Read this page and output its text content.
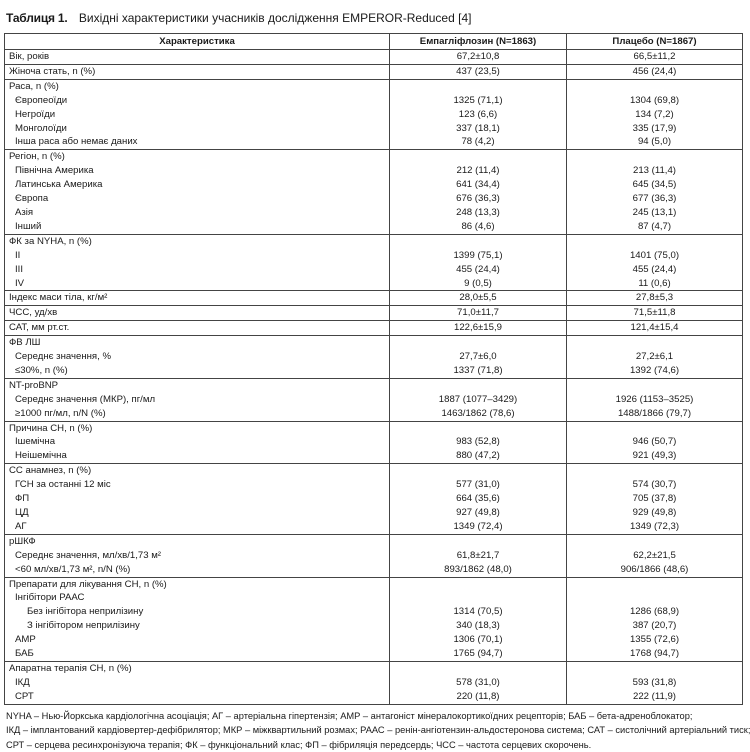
Таблиця 1. Вихідні характеристики учасників дослідження EMPEROR-Reduced [4]
Характеристика	Емпагліфлозин (N=1863)	Плацебо (N=1867)
Вік, років	67,2±10,8	66,5±11,2
Жіноча стать, n (%)	437 (23,5)	456 (24,4)
Раса, n (%)		
Європеоїди	1325 (71,1)	1304 (69,8)
Негроїди	123 (6,6)	134 (7,2)
Монголоїди	337 (18,1)	335 (17,9)
Інша раса або немає даних	78 (4,2)	94 (5,0)
Регіон, n (%)		
Північна Америка	212 (11,4)	213 (11,4)
Латинська Америка	641 (34,4)	645 (34,5)
Європа	676 (36,3)	677 (36,3)
Азія	248 (13,3)	245 (13,1)
Інший	86 (4,6)	87 (4,7)
ФК за NYHA, n (%)		
II	1399 (75,1)	1401 (75,0)
III	455 (24,4)	455 (24,4)
IV	9 (0,5)	11 (0,6)
Індекс маси тіла, кг/м²	28,0±5,5	27,8±5,3
ЧСС, уд/хв	71,0±11,7	71,5±11,8
САТ, мм рт.ст.	122,6±15,9	121,4±15,4
ФВ ЛШ		
Середнє значення, %	27,7±6,0	27,2±6,1
≤30%, n (%)	1337 (71,8)	1392 (74,6)
NT-proBNP		
Середнє значення (МКР), пг/мл	1887 (1077–3429)	1926 (1153–3525)
≥1000 пг/мл, n/N (%)	1463/1862 (78,6)	1488/1866 (79,7)
Причина СН, n (%)		
Ішемічна	983 (52,8)	946 (50,7)
Неішемічна	880 (47,2)	921 (49,3)
СС анамнез, n (%)		
ГСН за останні 12 міс	577 (31,0)	574 (30,7)
ФП	664 (35,6)	705 (37,8)
ЦД	927 (49,8)	929 (49,8)
АГ	1349 (72,4)	1349 (72,3)
рШКФ		
Середнє значення, мл/хв/1,73 м²	61,8±21,7	62,2±21,5
<60 мл/хв/1,73 м², n/N (%)	893/1862 (48,0)	906/1866 (48,6)
Препарати для лікування СН, n (%)		
Інгібітори РААС		
Без інгібітора неприлізину	1314 (70,5)	1286 (68,9)
З інгібітором неприлізину	340 (18,3)	387 (20,7)
АМР	1306 (70,1)	1355 (72,6)
БАБ	1765 (94,7)	1768 (94,7)
Апаратна терапія СН, n (%)		
ІКД	578 (31,0)	593 (31,8)
СРТ	220 (11,8)	222 (11,9)
NYHA – Нью-Йоркська кардіологічна асоціація; АГ – артеріальна гіпертензія; АМР – антагоніст мінералокортикоїдних рецепторів; БАБ – бета-адреноблокатор;
ІКД – імплантований кардіовертер-дефібрилятор; МКР – міжквартильний розмах; РААС – ренін-ангіотензин-альдостеронова система; САТ – систолічний артеріальний тиск;
СРТ – серцева ресинхронізуюча терапія; ФК – функціональний клас; ФП – фібриляція передсердь; ЧСС – частота серцевих скорочень.
